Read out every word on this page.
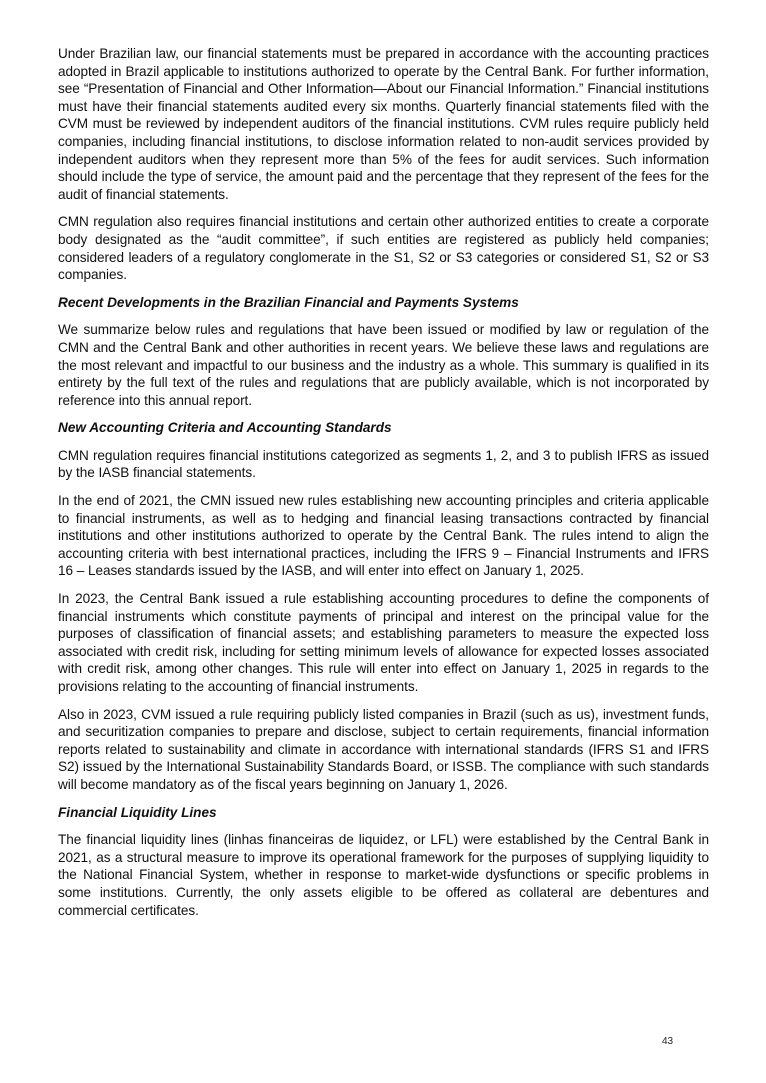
Under Brazilian law, our financial statements must be prepared in accordance with the accounting practices adopted in Brazil applicable to institutions authorized to operate by the Central Bank. For further information, see “Presentation of Financial and Other Information—About our Financial Information.” Financial institutions must have their financial statements audited every six months. Quarterly financial statements filed with the CVM must be reviewed by independent auditors of the financial institutions. CVM rules require publicly held companies, including financial institutions, to disclose information related to non-audit services provided by independent auditors when they represent more than 5% of the fees for audit services. Such information should include the type of service, the amount paid and the percentage that they represent of the fees for the audit of financial statements.

CMN regulation also requires financial institutions and certain other authorized entities to create a corporate body designated as the “audit committee”, if such entities are registered as publicly held companies; considered leaders of a regulatory conglomerate in the S1, S2 or S3 categories or considered S1, S2 or S3 companies.

Recent Developments in the Brazilian Financial and Payments Systems

We summarize below rules and regulations that have been issued or modified by law or regulation of the CMN and the Central Bank and other authorities in recent years. We believe these laws and regulations are the most relevant and impactful to our business and the industry as a whole. This summary is qualified in its entirety by the full text of the rules and regulations that are publicly available, which is not incorporated by reference into this annual report.

New Accounting Criteria and Accounting Standards

CMN regulation requires financial institutions categorized as segments 1, 2, and 3 to publish IFRS as issued by the IASB financial statements.

In the end of 2021, the CMN issued new rules establishing new accounting principles and criteria applicable to financial instruments, as well as to hedging and financial leasing transactions contracted by financial institutions and other institutions authorized to operate by the Central Bank. The rules intend to align the accounting criteria with best international practices, including the IFRS 9 – Financial Instruments and IFRS 16 – Leases standards issued by the IASB, and will enter into effect on January 1, 2025.

In 2023, the Central Bank issued a rule establishing accounting procedures to define the components of financial instruments which constitute payments of principal and interest on the principal value for the purposes of classification of financial assets; and establishing parameters to measure the expected loss associated with credit risk, including for setting minimum levels of allowance for expected losses associated with credit risk, among other changes. This rule will enter into effect on January 1, 2025 in regards to the provisions relating to the accounting of financial instruments.

Also in 2023, CVM issued a rule requiring publicly listed companies in Brazil (such as us), investment funds, and securitization companies to prepare and disclose, subject to certain requirements, financial information reports related to sustainability and climate in accordance with international standards (IFRS S1 and IFRS S2) issued by the International Sustainability Standards Board, or ISSB. The compliance with such standards will become mandatory as of the fiscal years beginning on January 1, 2026.

Financial Liquidity Lines

The financial liquidity lines (linhas financeiras de liquidez, or LFL) were established by the Central Bank in 2021, as a structural measure to improve its operational framework for the purposes of supplying liquidity to the National Financial System, whether in response to market-wide dysfunctions or specific problems in some institutions. Currently, the only assets eligible to be offered as collateral are debentures and commercial certificates.

43
